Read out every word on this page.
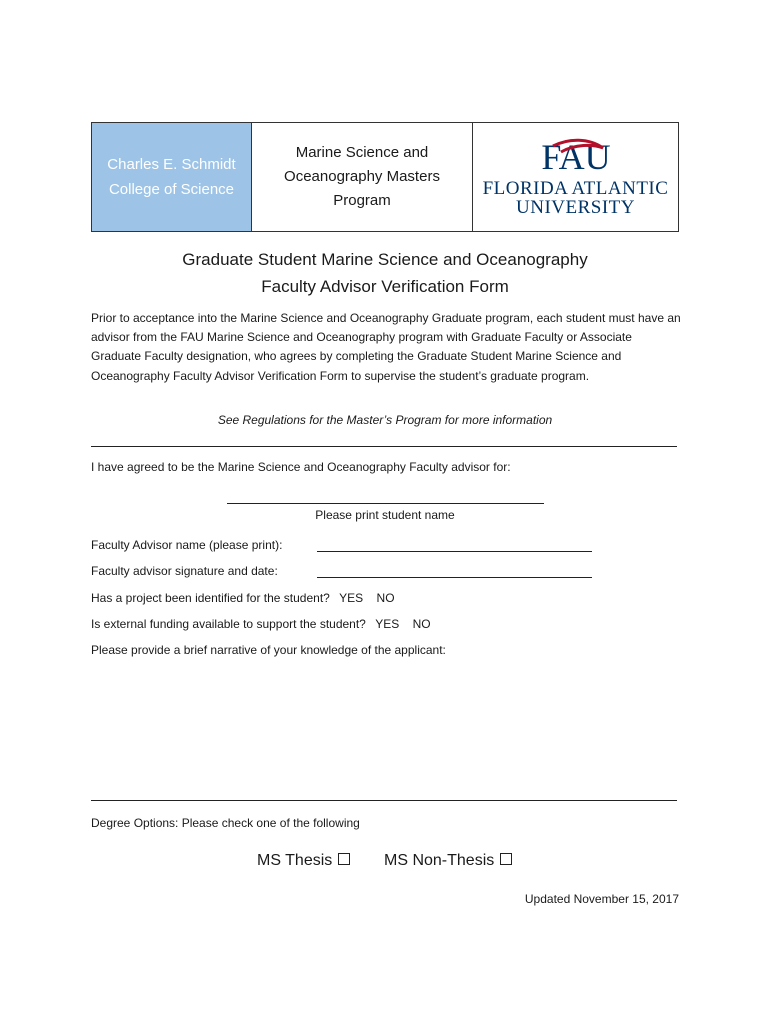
Charles E. Schmidt
College of Science
Marine Science and Oceanography Masters Program
FAU
FLORIDA ATLANTIC
UNIVERSITY
Graduate Student Marine Science and Oceanography
Faculty Advisor Verification Form
Prior to acceptance into the Marine Science and Oceanography Graduate program, each student must have an advisor from the FAU Marine Science and Oceanography program with Graduate Faculty or Associate Graduate Faculty designation, who agrees by completing the Graduate Student Marine Science and Oceanography Faculty Advisor Verification Form to supervise the student’s graduate program.
See Regulations for the Master’s Program for more information
I have agreed to be the Marine Science and Oceanography Faculty advisor for:
Please print student name
Faculty Advisor name (please print):
Faculty advisor signature and date:
Has a project been identified for the student? YES NO
Is external funding available to support the student? YES NO
Please provide a brief narrative of your knowledge of the applicant:
Degree Options: Please check one of the following
MS Thesis	MS Non-Thesis
Updated November 15, 2017
